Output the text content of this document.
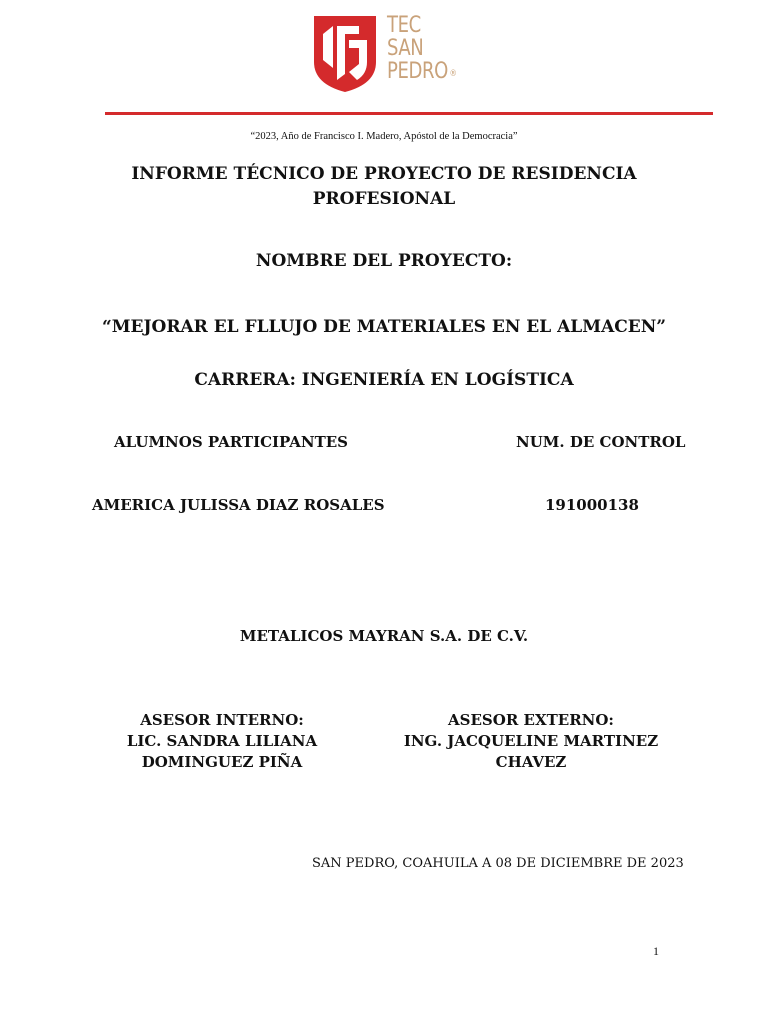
TEC
SAN
PEDRO ®
“2023, Año de Francisco I. Madero, Apóstol de la Democracia”
INFORME TÉCNICO DE PROYECTO DE RESIDENCIA
PROFESIONAL
NOMBRE DEL PROYECTO:
“MEJORAR EL FLLUJO DE MATERIALES EN EL ALMACEN”
CARRERA: INGENIERÍA EN LOGÍSTICA
ALUMNOS PARTICIPANTES	NUM. DE CONTROL
AMERICA JULISSA DIAZ ROSALES	191000138
METALICOS MAYRAN S.A. DE C.V.
ASESOR INTERNO:
LIC. SANDRA LILIANA
DOMINGUEZ PIÑA
ASESOR EXTERNO:
ING. JACQUELINE MARTINEZ
CHAVEZ
SAN PEDRO, COAHUILA A 08 DE DICIEMBRE DE 2023
1
